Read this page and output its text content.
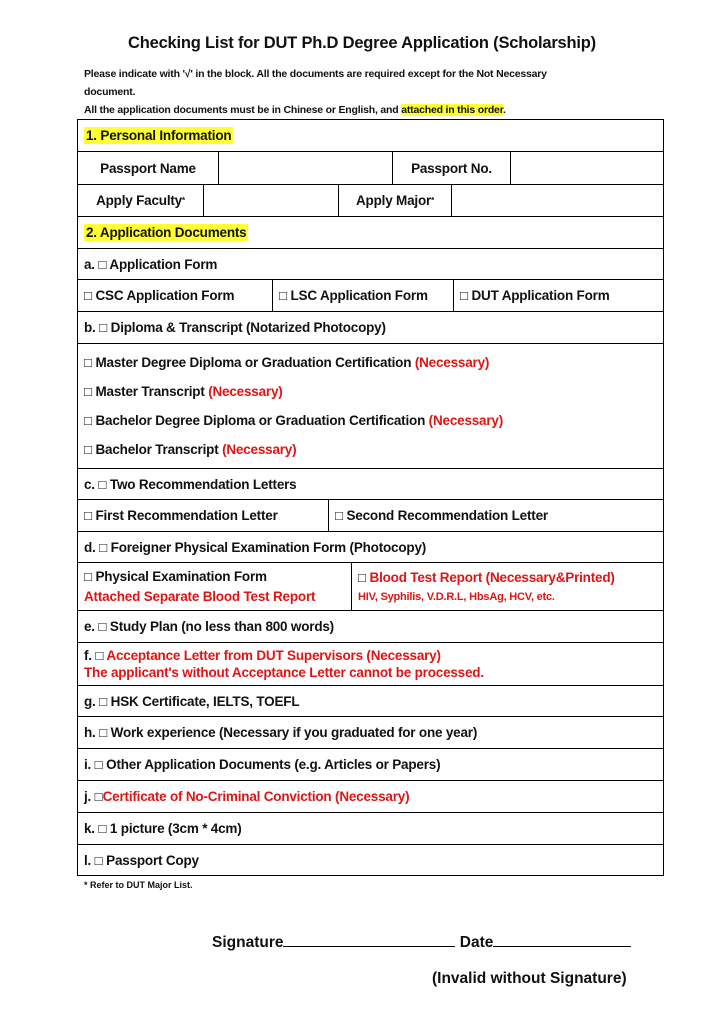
Checking List for DUT Ph.D Degree Application (Scholarship)
Please indicate with '√' in the block. All the documents are required except for the Not Necessary
document.
All the application documents must be in Chinese or English, and attached in this order.
1. Personal Information
Passport Name	Passport No.
Apply Faculty *	Apply Major *
2. Application Documents
a. □ Application Form
□ CSC Application Form	□ LSC Application Form	□ DUT Application Form
b. □ Diploma & Transcript (Notarized Photocopy)
□ Master Degree Diploma or Graduation Certification (Necessary)
□ Master Transcript (Necessary)
□ Bachelor Degree Diploma or Graduation Certification (Necessary)
□ Bachelor Transcript (Necessary)
c. □ Two Recommendation Letters
□ First Recommendation Letter	□ Second Recommendation Letter
d. □ Foreigner Physical Examination Form (Photocopy)
□ Physical Examination Form
Attached Separate Blood Test Report
□ Blood Test Report (Necessary&Printed)
HIV, Syphilis, V.D.R.L, HbsAg, HCV, etc.
e. □ Study Plan (no less than 800 words)
f. □ Acceptance Letter from DUT Supervisors (Necessary)
The applicant's without Acceptance Letter cannot be processed.
g. □ HSK Certificate, IELTS, TOEFL
h. □ Work experience (Necessary if you graduated for one year)
i. □ Other Application Documents (e.g. Articles or Papers)
j. □ Certificate of No-Criminal Conviction (Necessary)
k. □ 1 picture (3cm * 4cm)
l. □ Passport Copy
* Refer to DUT Major List.
Signature	Date
(Invalid without Signature)
